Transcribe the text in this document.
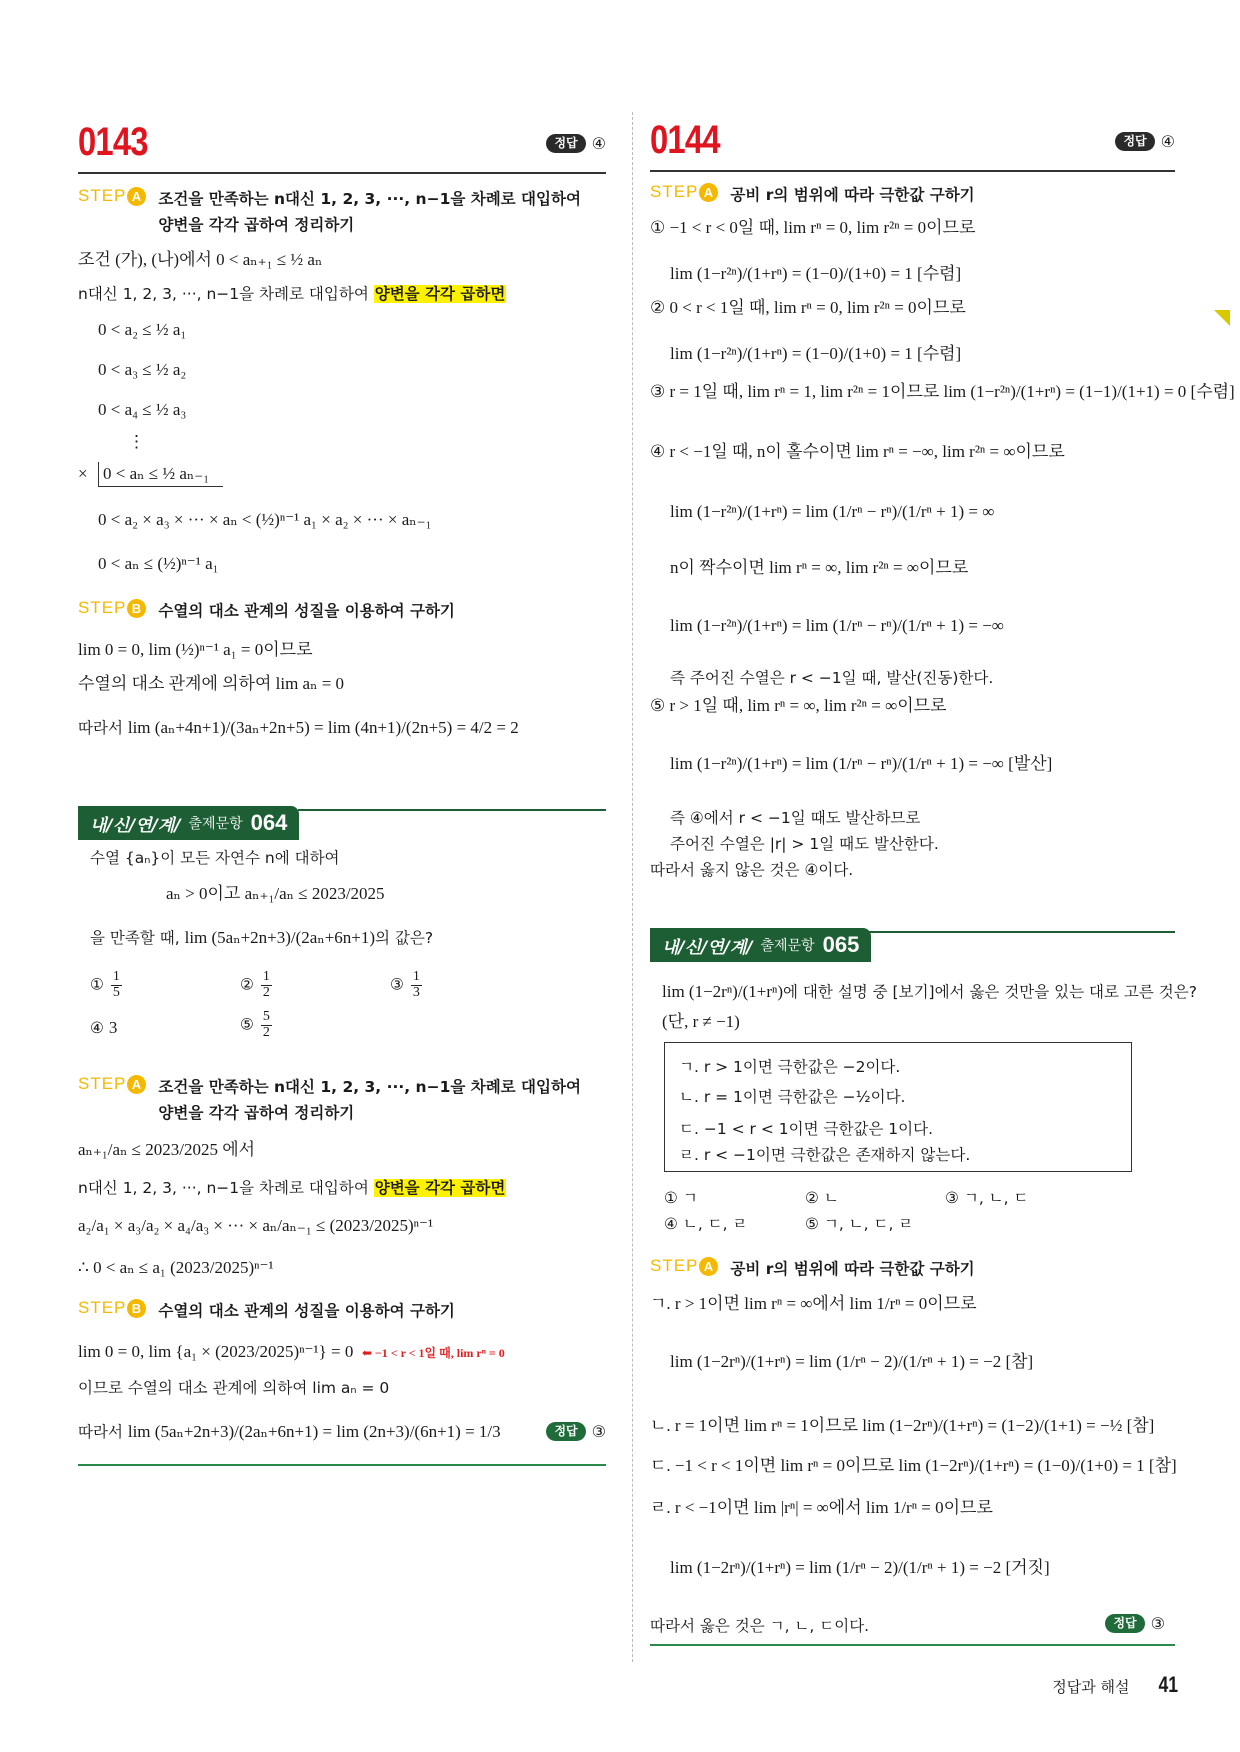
0143	정답 ④
STEP A 조건을 만족하는 n대신 1, 2, 3, ···, n−1을 차례로 대입하여
양변을 각각 곱하여 정리하기
조건 (가), (나)에서 0 < aₙ₊₁ ≤ ½ aₙ
n대신 1, 2, 3, ···, n−1을 차례로 대입하여 양변을 각각 곱하면
0 < a₂ ≤ ½ a₁
0 < a₃ ≤ ½ a₂
0 < a₄ ≤ ½ a₃
⋮
× 0 < aₙ ≤ ½ aₙ₋₁
0 < a₂ × a₃ × ··· × aₙ < (½)ⁿ⁻¹ a₁ × a₂ × ··· × aₙ₋₁
0 < aₙ ≤ (½)ⁿ⁻¹ a₁
STEP B 수열의 대소 관계의 성질을 이용하여 구하기
lim 0 = 0, lim (½)ⁿ⁻¹ a₁ = 0이므로
수열의 대소 관계에 의하여 lim aₙ = 0
따라서 lim (aₙ+4n+1)/(3aₙ+2n+5) = lim (4n+1)/(2n+5) = 4/2 = 2
내/신/연/계/ 출제문항 064
수열 {aₙ}이 모든 자연수 n에 대하여
aₙ > 0이고 aₙ₊₁/aₙ ≤ 2023/2025
을 만족할 때, lim (5aₙ+2n+3)/(2aₙ+6n+1)의 값은?
① $\frac{1}{5}$	② $\frac{1}{2}$	③ $\frac{1}{3}$
④ 3	⑤ $\frac{5}{2}$
STEP A 조건을 만족하는 n대신 1, 2, 3, ···, n−1을 차례로 대입하여
양변을 각각 곱하여 정리하기
aₙ₊₁/aₙ ≤ 2023/2025 에서
n대신 1, 2, 3, ···, n−1을 차례로 대입하여 양변을 각각 곱하면
a₂/a₁ × a₃/a₂ × a₄/a₃ × ··· × aₙ/aₙ₋₁ ≤ (2023/2025)ⁿ⁻¹
∴ 0 < aₙ ≤ a₁ (2023/2025)ⁿ⁻¹
STEP B 수열의 대소 관계의 성질을 이용하여 구하기
lim 0 = 0, lim {a₁ × (2023/2025)ⁿ⁻¹} = 0 ⬅ −1 < r < 1일 때, lim rⁿ = 0
이므로 수열의 대소 관계에 의하여 lim aₙ = 0
따라서 lim (5aₙ+2n+3)/(2aₙ+6n+1) = lim (2n+3)/(6n+1) = 1/3	정답 ③
0144	정답 ④
STEP A 공비 r의 범위에 따라 극한값 구하기
① −1 < r < 0일 때, lim rⁿ = 0, lim r²ⁿ = 0이므로
lim (1−r²ⁿ)/(1+rⁿ) = (1−0)/(1+0) = 1 [수렴]
② 0 < r < 1일 때, lim rⁿ = 0, lim r²ⁿ = 0이므로
lim (1−r²ⁿ)/(1+rⁿ) = (1−0)/(1+0) = 1 [수렴]
③ r = 1일 때, lim rⁿ = 1, lim r²ⁿ = 1이므로 lim (1−r²ⁿ)/(1+rⁿ) = (1−1)/(1+1) = 0 [수렴]
④ r < −1일 때, n이 홀수이면 lim rⁿ = −∞, lim r²ⁿ = ∞이므로
lim (1−r²ⁿ)/(1+rⁿ) = lim (1/rⁿ − rⁿ)/(1/rⁿ + 1) = ∞
n이 짝수이면 lim rⁿ = ∞, lim r²ⁿ = ∞이므로
lim (1−r²ⁿ)/(1+rⁿ) = lim (1/rⁿ − rⁿ)/(1/rⁿ + 1) = −∞
즉 주어진 수열은 r < −1일 때, 발산(진동)한다.
⑤ r > 1일 때, lim rⁿ = ∞, lim r²ⁿ = ∞이므로
lim (1−r²ⁿ)/(1+rⁿ) = lim (1/rⁿ − rⁿ)/(1/rⁿ + 1) = −∞ [발산]
즉 ④에서 r < −1일 때도 발산하므로
주어진 수열은 |r| > 1일 때도 발산한다.
따라서 옳지 않은 것은 ④이다.
내/신/연/계/ 출제문항 065
lim (1−2rⁿ)/(1+rⁿ)에 대한 설명 중 [보기]에서 옳은 것만을 있는 대로 고른 것은?
(단, r ≠ −1)
ㄱ. r > 1이면 극한값은 −2이다.
ㄴ. r = 1이면 극한값은 −½이다.
ㄷ. −1 < r < 1이면 극한값은 1이다.
ㄹ. r < −1이면 극한값은 존재하지 않는다.
① ㄱ	② ㄴ	③ ㄱ, ㄴ, ㄷ
④ ㄴ, ㄷ, ㄹ	⑤ ㄱ, ㄴ, ㄷ, ㄹ
STEP A 공비 r의 범위에 따라 극한값 구하기
ㄱ. r > 1이면 lim rⁿ = ∞에서 lim 1/rⁿ = 0이므로
lim (1−2rⁿ)/(1+rⁿ) = lim (1/rⁿ − 2)/(1/rⁿ + 1) = −2 [참]
ㄴ. r = 1이면 lim rⁿ = 1이므로 lim (1−2rⁿ)/(1+rⁿ) = (1−2)/(1+1) = −½ [참]
ㄷ. −1 < r < 1이면 lim rⁿ = 0이므로 lim (1−2rⁿ)/(1+rⁿ) = (1−0)/(1+0) = 1 [참]
ㄹ. r < −1이면 lim |rⁿ| = ∞에서 lim 1/rⁿ = 0이므로
lim (1−2rⁿ)/(1+rⁿ) = lim (1/rⁿ − 2)/(1/rⁿ + 1) = −2 [거짓]
따라서 옳은 것은 ㄱ, ㄴ, ㄷ이다.	정답 ③
정답과 해설 41
